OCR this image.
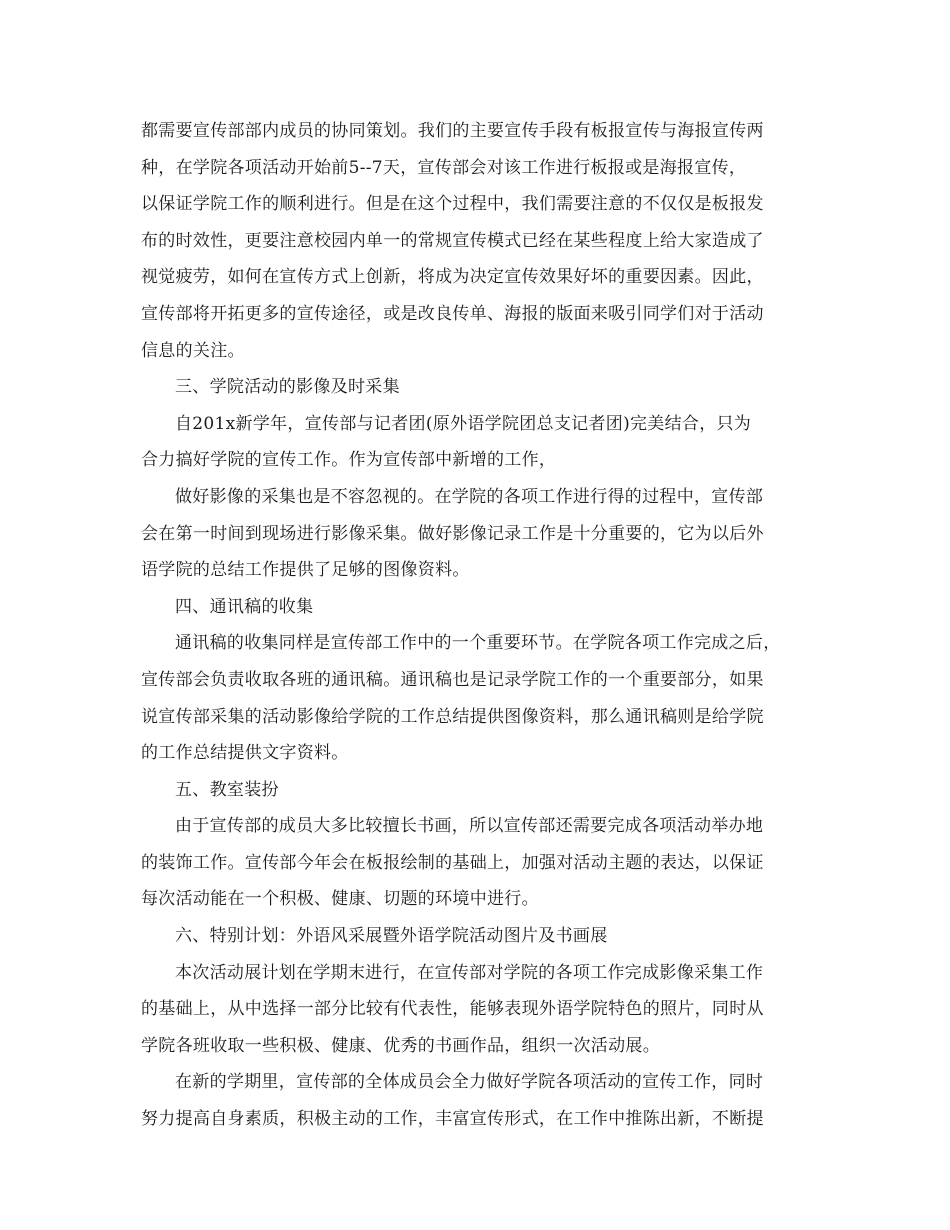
都需要宣传部部内成员的协同策划。我们的主要宣传手段有板报宣传与海报宣传两
种，在学院各项活动开始前5--7天，宣传部会对该工作进行板报或是海报宣传，
以保证学院工作的顺利进行。但是在这个过程中，我们需要注意的不仅仅是板报发
布的时效性，更要注意校园内单一的常规宣传模式已经在某些程度上给大家造成了
视觉疲劳，如何在宣传方式上创新，将成为决定宣传效果好坏的重要因素。因此，
宣传部将开拓更多的宣传途径，或是改良传单、海报的版面来吸引同学们对于活动
信息的关注。
三、学院活动的影像及时采集
自201x新学年，宣传部与记者团(原外语学院团总支记者团)完美结合，只为
合力搞好学院的宣传工作。作为宣传部中新增的工作，
做好影像的采集也是不容忽视的。在学院的各项工作进行得的过程中，宣传部
会在第一时间到现场进行影像采集。做好影像记录工作是十分重要的，它为以后外
语学院的总结工作提供了足够的图像资料。
四、通讯稿的收集
通讯稿的收集同样是宣传部工作中的一个重要环节。在学院各项工作完成之后，
宣传部会负责收取各班的通讯稿。通讯稿也是记录学院工作的一个重要部分，如果
说宣传部采集的活动影像给学院的工作总结提供图像资料，那么通讯稿则是给学院
的工作总结提供文字资料。
五、教室装扮
由于宣传部的成员大多比较擅长书画，所以宣传部还需要完成各项活动举办地
的装饰工作。宣传部今年会在板报绘制的基础上，加强对活动主题的表达，以保证
每次活动能在一个积极、健康、切题的环境中进行。
六、特别计划：外语风采展暨外语学院活动图片及书画展
本次活动展计划在学期末进行，在宣传部对学院的各项工作完成影像采集工作
的基础上，从中选择一部分比较有代表性，能够表现外语学院特色的照片，同时从
学院各班收取一些积极、健康、优秀的书画作品，组织一次活动展。
在新的学期里，宣传部的全体成员会全力做好学院各项活动的宣传工作，同时
努力提高自身素质，积极主动的工作，丰富宣传形式，在工作中推陈出新，不断提
